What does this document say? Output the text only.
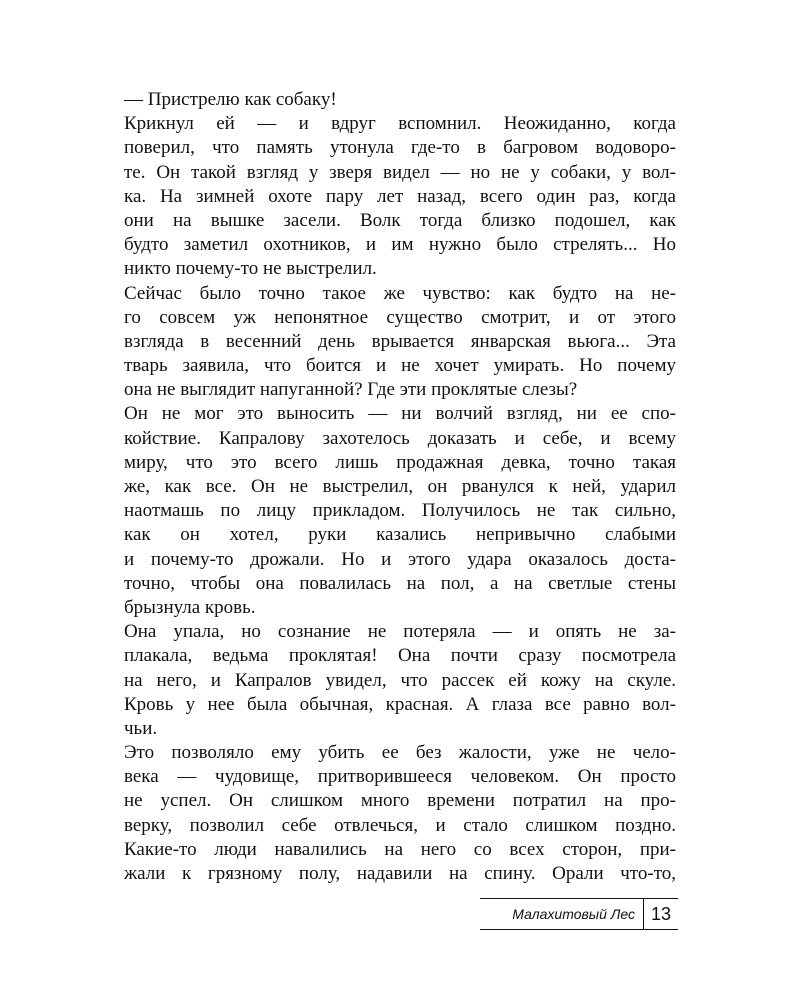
— Пристрелю как собаку!
Крикнул ей — и вдруг вспомнил. Неожиданно, когда
поверил, что память утонула где-то в багровом водоворо-
те. Он такой взгляд у зверя видел — но не у собаки, у вол-
ка. На зимней охоте пару лет назад, всего один раз, когда
они на вышке засели. Волк тогда близко подошел, как
будто заметил охотников, и им нужно было стрелять... Но
никто почему-то не выстрелил.
Сейчас было точно такое же чувство: как будто на не-
го совсем уж непонятное существо смотрит, и от этого
взгляда в весенний день врывается январская вьюга... Эта
тварь заявила, что боится и не хочет умирать. Но почему
она не выглядит напуганной? Где эти проклятые слезы?
Он не мог это выносить — ни волчий взгляд, ни ее спо-
койствие. Капралову захотелось доказать и себе, и всему
миру, что это всего лишь продажная девка, точно такая
же, как все. Он не выстрелил, он рванулся к ней, ударил
наотмашь по лицу прикладом. Получилось не так сильно,
как он хотел, руки казались непривычно слабыми
и почему-то дрожали. Но и этого удара оказалось доста-
точно, чтобы она повалилась на пол, а на светлые стены
брызнула кровь.
Она упала, но сознание не потеряла — и опять не за-
плакала, ведьма проклятая! Она почти сразу посмотрела
на него, и Капралов увидел, что рассек ей кожу на скуле.
Кровь у нее была обычная, красная. А глаза все равно вол-
чьи.
Это позволяло ему убить ее без жалости, уже не чело-
века — чудовище, притворившееся человеком. Он просто
не успел. Он слишком много времени потратил на про-
верку, позволил себе отвлечься, и стало слишком поздно.
Какие-то люди навалились на него со всех сторон, при-
жали к грязному полу, надавили на спину. Орали что-то,
Малахитовый Лес 13
